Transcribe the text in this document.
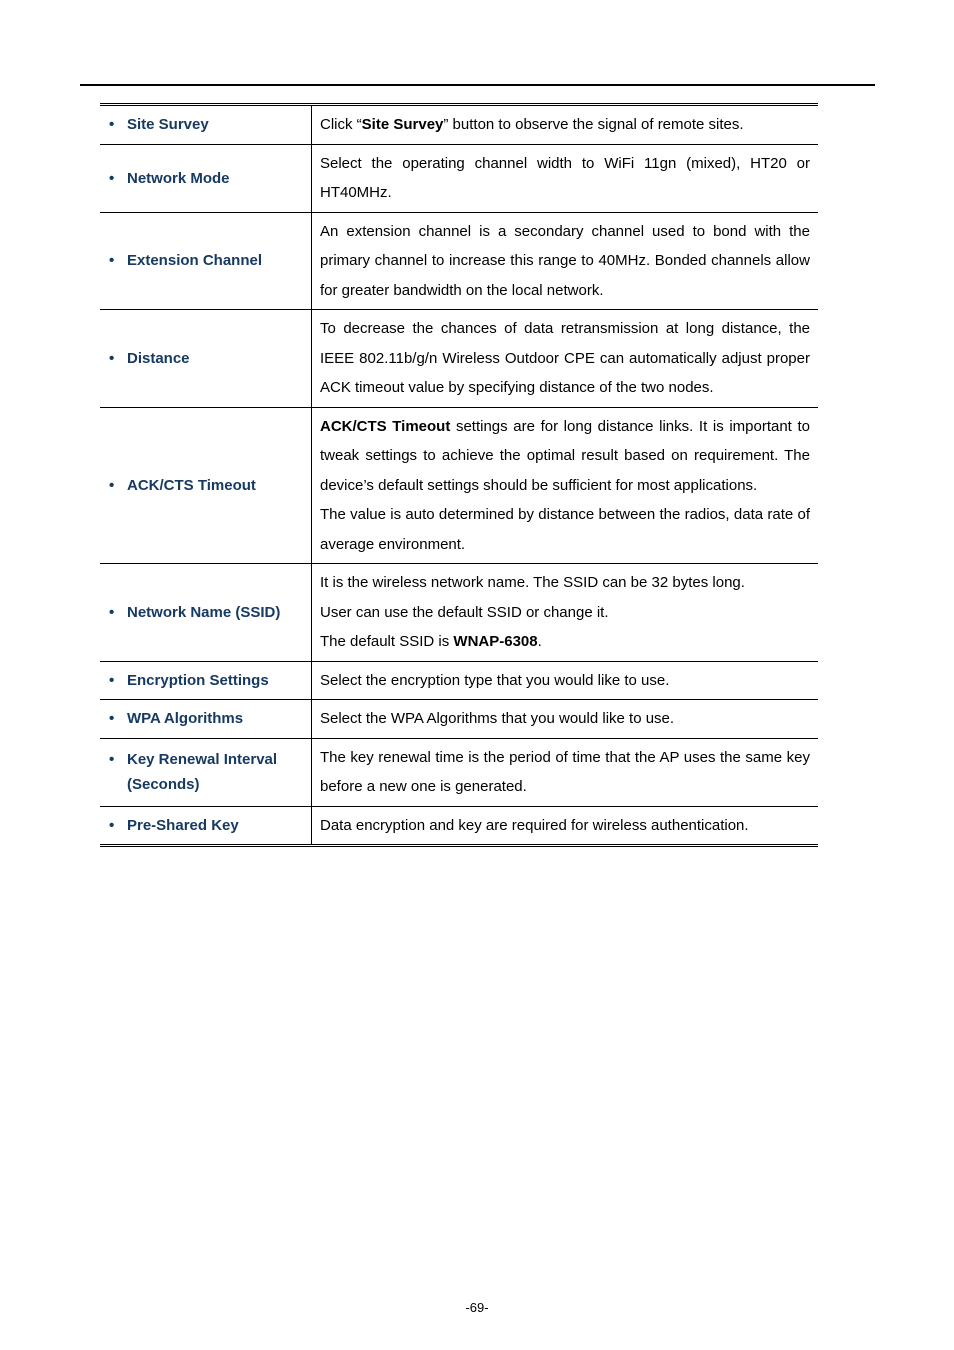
• Site Survey	Click “Site Survey” button to observe the signal of remote sites.

• Network Mode	Select the operating channel width to WiFi 11gn (mixed), HT20 or HT40MHz.

• Extension Channel	An extension channel is a secondary channel used to bond with the primary channel to increase this range to 40MHz. Bonded channels allow for greater bandwidth on the local network.

• Distance	To decrease the chances of data retransmission at long distance, the IEEE 802.11b/g/n Wireless Outdoor CPE can automatically adjust proper ACK timeout value by specifying distance of the two nodes.

• ACK/CTS Timeout	ACK/CTS Timeout settings are for long distance links. It is important to tweak settings to achieve the optimal result based on requirement. The device’s default settings should be sufficient for most applications.
The value is auto determined by distance between the radios, data rate of average environment.

• Network Name (SSID)	It is the wireless network name. The SSID can be 32 bytes long.
User can use the default SSID or change it.
The default SSID is WNAP-6308.

• Encryption Settings	Select the encryption type that you would like to use.

• WPA Algorithms	Select the WPA Algorithms that you would like to use.

• Key Renewal Interval (Seconds)	The key renewal time is the period of time that the AP uses the same key before a new one is generated.

• Pre-Shared Key	Data encryption and key are required for wireless authentication.
-69-
